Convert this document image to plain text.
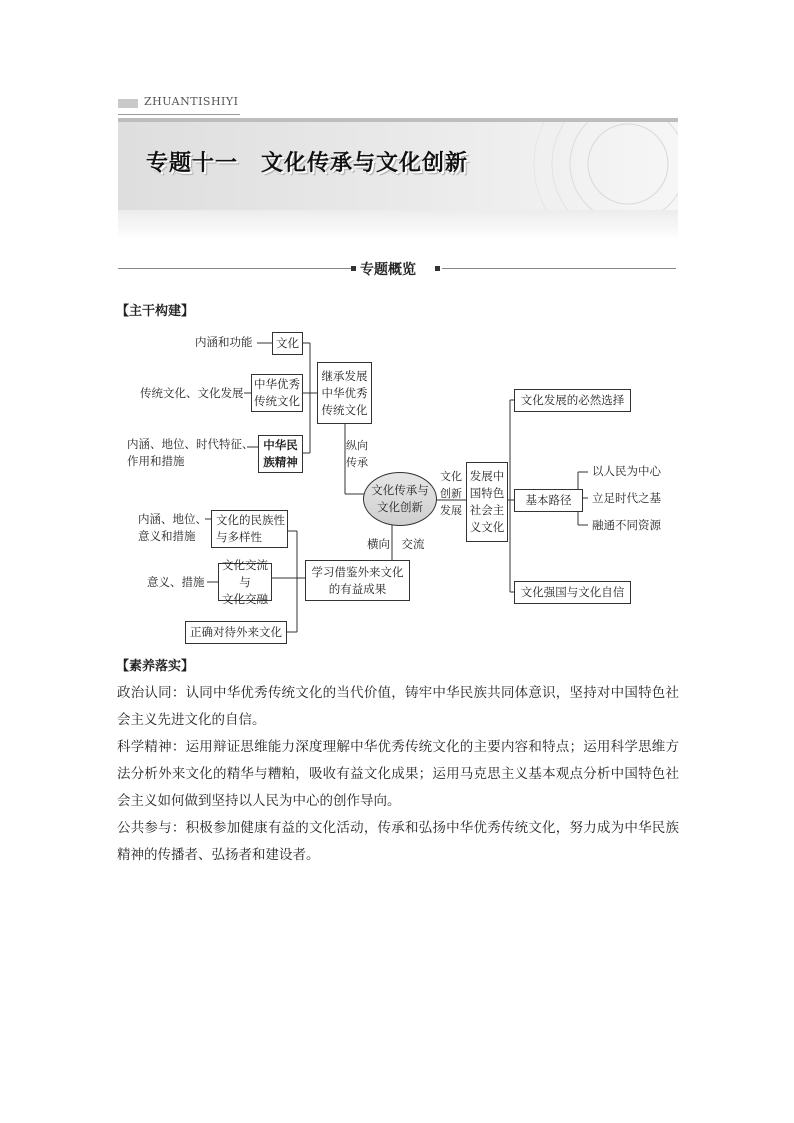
ZHUANTISHIYI
专题十一　文化传承与文化创新
专题概览
【主干构建】
内涵和功能
传统文化、文化发展
内涵、地位、时代特征、
作用和措施
文化
中华优秀
传统文化
中华民
族精神
继承发展
中华优秀
传统文化
纵向
传承
文化传承与
文化创新
文化
创新
发展
发展中
国特色
社会主
义文化
文化发展的必然选择
基本路径
文化强国与文化自信
以人民为中心
立足时代之基
融通不同资源
横向　交流
内涵、地位、
意义和措施
文化的民族性
与多样性
意义、措施
文化交流与
文化交融
正确对待外来文化
学习借鉴外来文化
的有益成果
【素养落实】
政治认同：认同中华优秀传统文化的当代价值，铸牢中华民族共同体意识，坚持对中国特色社会主义先进文化的自信。
科学精神：运用辩证思维能力深度理解中华优秀传统文化的主要内容和特点；运用科学思维方法分析外来文化的精华与糟粕，吸收有益文化成果；运用马克思主义基本观点分析中国特色社会主义如何做到坚持以人民为中心的创作导向。
公共参与：积极参加健康有益的文化活动，传承和弘扬中华优秀传统文化，努力成为中华民族精神的传播者、弘扬者和建设者。
